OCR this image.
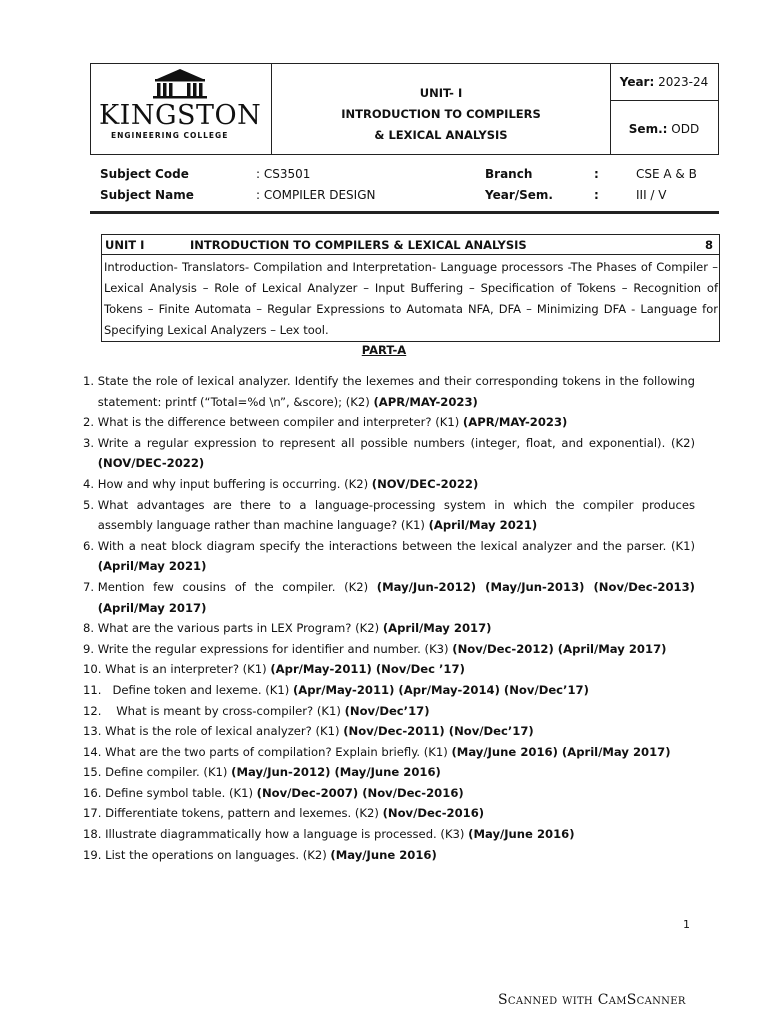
KINGSTON
ENGINEERING COLLEGE
UNIT- I
INTRODUCTION TO COMPILERS
& LEXICAL ANALYSIS
Year:
2023-24
Sem.:
ODD
Subject Code	: CS3501
Subject Name	: COMPILER DESIGN
Branch	:	CSE A & B
Year/Sem.	:	III / V
UNIT I	INTRODUCTION TO COMPILERS & LEXICAL ANALYSIS	8
Introduction- Translators- Compilation and Interpretation- Language processors -The Phases of Compiler – Lexical Analysis – Role of Lexical Analyzer – Input Buffering – Specification of Tokens – Recognition of Tokens – Finite Automata – Regular Expressions to Automata NFA, DFA – Minimizing DFA - Language for Specifying Lexical Analyzers – Lex tool.
PART-A
1. State the role of lexical analyzer. Identify the lexemes and their corresponding tokens in the following statement: printf (“Total=%d \n”, &score); (K2) (APR/MAY-2023)
2. What is the difference between compiler and interpreter? (K1) (APR/MAY-2023)
3. Write a regular expression to represent all possible numbers (integer, float, and exponential). (K2) (NOV/DEC-2022)
4. How and why input buffering is occurring. (K2) (NOV/DEC-2022)
5. What advantages are there to a language-processing system in which the compiler produces assembly language rather than machine language? (K1) (April/May 2021)
6. With a neat block diagram specify the interactions between the lexical analyzer and the parser. (K1) (April/May 2021)
7. Mention few cousins of the compiler. (K2) (May/Jun-2012) (May/Jun-2013) (Nov/Dec-2013) (April/May 2017)
8. What are the various parts in LEX Program? (K2) (April/May 2017)
9. Write the regular expressions for identifier and number. (K3) (Nov/Dec-2012) (April/May 2017)
10. What is an interpreter? (K1) (Apr/May-2011) (Nov/Dec ’17)
11. Define token and lexeme. (K1) (Apr/May-2011) (Apr/May-2014) (Nov/Dec’17)
12. What is meant by cross-compiler? (K1) (Nov/Dec’17)
13. What is the role of lexical analyzer? (K1) (Nov/Dec-2011) (Nov/Dec’17)
14. What are the two parts of compilation? Explain briefly. (K1) (May/June 2016) (April/May 2017)
15. Define compiler. (K1) (May/Jun-2012) (May/June 2016)
16. Define symbol table. (K1) (Nov/Dec-2007) (Nov/Dec-2016)
17. Differentiate tokens, pattern and lexemes. (K2) (Nov/Dec-2016)
18. Illustrate diagrammatically how a language is processed. (K3) (May/June 2016)
19. List the operations on languages. (K2) (May/June 2016)
1
Scanned with CamScanner
